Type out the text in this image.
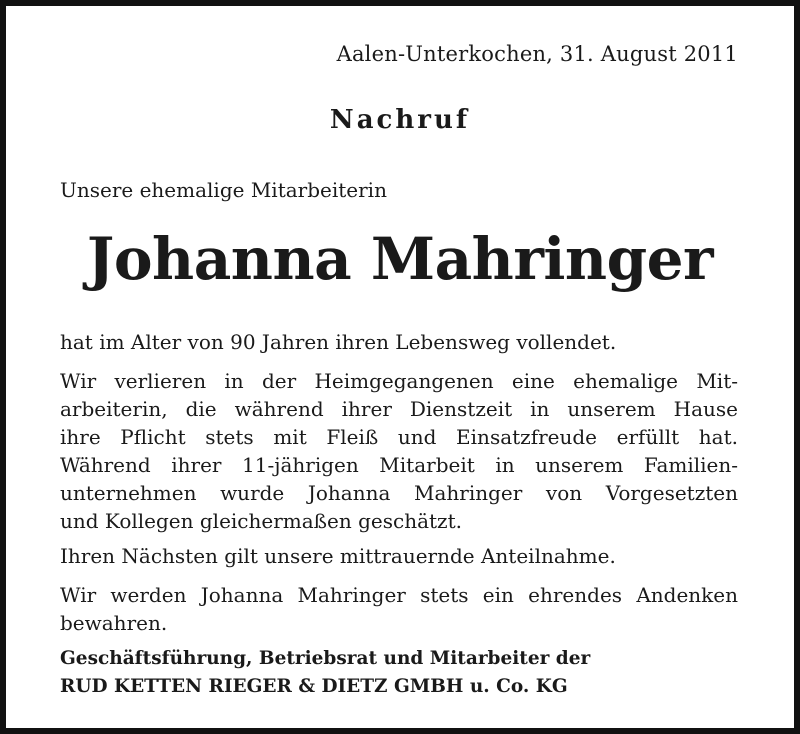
Aalen-Unterkochen, 31. August 2011
Nachruf
Unsere ehemalige Mitarbeiterin
Johanna Mahringer

hat im Alter von 90 Jahren ihren Lebensweg vollendet.

Wir verlieren in der Heimgegangenen eine ehemalige Mit-
arbeiterin, die während ihrer Dienstzeit in unserem Hause
ihre Pflicht stets mit Fleiß und Einsatzfreude erfüllt hat.
Während ihrer 11-jährigen Mitarbeit in unserem Familien-
unternehmen wurde Johanna Mahringer von Vorgesetzten
und Kollegen gleichermaßen geschätzt.

Ihren Nächsten gilt unsere mittrauernde Anteilnahme.

Wir werden Johanna Mahringer stets ein ehrendes Andenken
bewahren.

Geschäftsführung, Betriebsrat und Mitarbeiter der
RUD KETTEN RIEGER & DIETZ GMBH u. Co. KG
